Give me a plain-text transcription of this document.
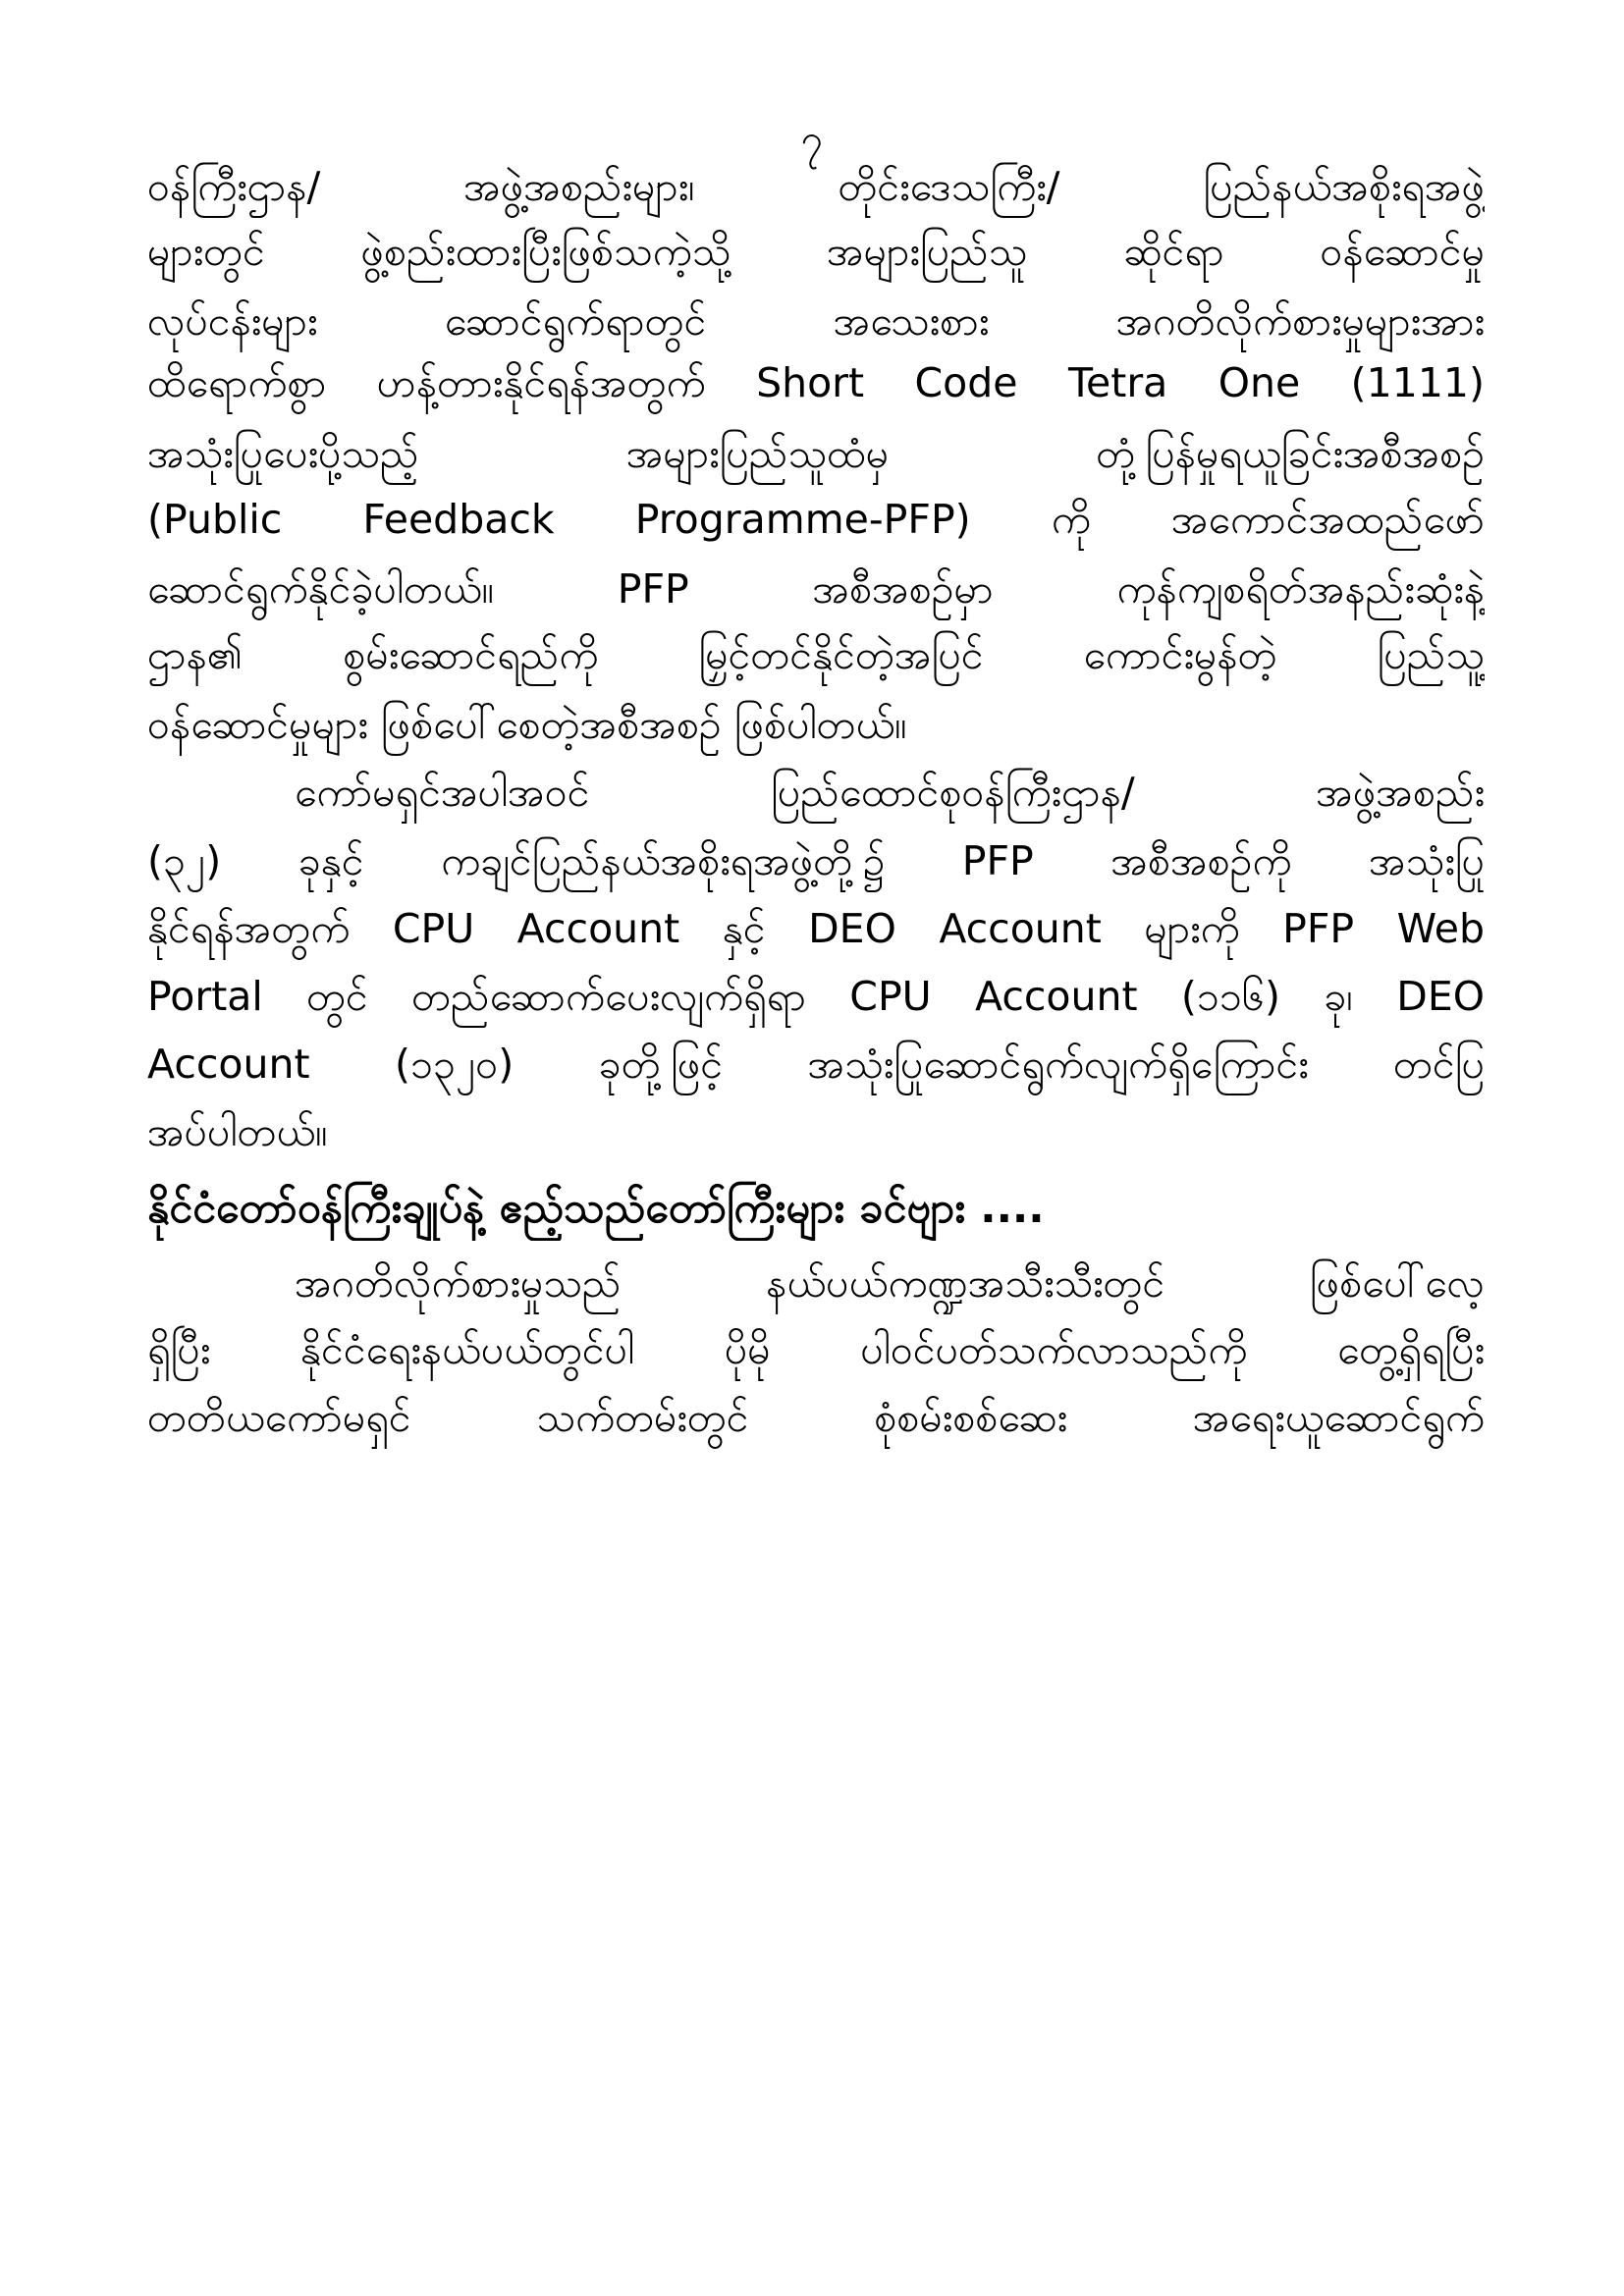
၇
ဝန်ကြီးဌာန/ အဖွဲ့အစည်းများ၊ တိုင်းဒေသကြီး/ ပြည်နယ်အစိုးရအဖွဲ့
များတွင် ဖွဲ့စည်းထားပြီးဖြစ်သကဲ့သို့ အများပြည်သူ ဆိုင်ရာ ဝန်ဆောင်မှု
လုပ်ငန်းများ ဆောင်ရွက်ရာတွင် အသေးစား အဂတိလိုက်စားမှုများအား
ထိရောက်စွာ ဟန့်တားနိုင်ရန်အတွက် Short Code Tetra One (1111)
အသုံးပြုပေးပို့သည့် အများပြည်သူထံမှ တုံ့ပြန်မှုရယူခြင်းအစီအစဉ်
(Public Feedback Programme-PFP) ကို အကောင်အထည်ဖော်
ဆောင်ရွက်နိုင်ခဲ့ပါတယ်။ PFP အစီအစဉ်မှာ ကုန်ကျစရိတ်အနည်းဆုံးနဲ့
ဌာန၏ စွမ်းဆောင်ရည်ကို မြှင့်တင်နိုင်တဲ့အပြင် ကောင်းမွန်တဲ့ ပြည်သူ့
ဝန်ဆောင်မှုများ ဖြစ်ပေါ်စေတဲ့အစီအစဉ် ဖြစ်ပါတယ်။
ကော်မရှင်အပါအဝင် ပြည်ထောင်စုဝန်ကြီးဌာန/ အဖွဲ့အစည်း
(၃၂) ခုနှင့် ကချင်ပြည်နယ်အစိုးရအဖွဲ့တို့၌ PFP အစီအစဉ်ကို အသုံးပြု
နိုင်ရန်အတွက် CPU Account နှင့် DEO Account များကို PFP Web
Portal တွင် တည်ဆောက်ပေးလျက်ရှိရာ CPU Account (၁၁၆) ခု၊ DEO
Account (၁၃၂၀) ခုတို့ဖြင့် အသုံးပြုဆောင်ရွက်လျက်ရှိကြောင်း တင်ပြ
အပ်ပါတယ်။
နိုင်ငံတော်ဝန်ကြီးချုပ်နဲ့ ဧည့်သည်တော်ကြီးများ ခင်ဗျား ....
အဂတိလိုက်စားမှုသည် နယ်ပယ်ကဏ္ဍအသီးသီးတွင် ဖြစ်ပေါ်လေ့
ရှိပြီး နိုင်ငံရေးနယ်ပယ်တွင်ပါ ပိုမို ပါဝင်ပတ်သက်လာသည်ကို တွေ့ရှိရပြီး
တတိယကော်မရှင် သက်တမ်းတွင် စုံစမ်းစစ်ဆေး အရေးယူဆောင်ရွက်
